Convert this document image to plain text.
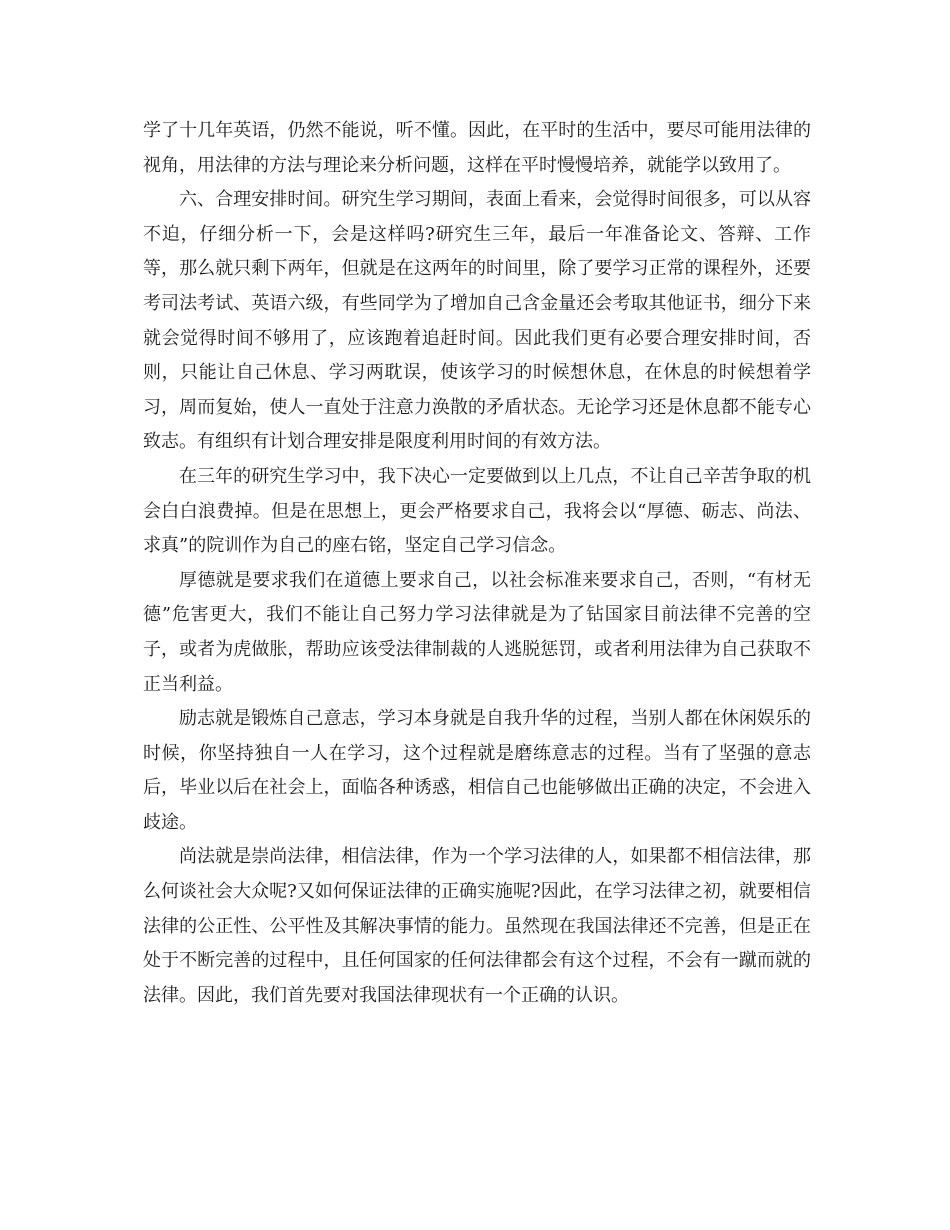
学了十几年英语，仍然不能说，听不懂。因此，在平时的生活中，要尽可能用法律的视角，用法律的方法与理论来分析问题，这样在平时慢慢培养，就能学以致用了。

六、合理安排时间。研究生学习期间，表面上看来，会觉得时间很多，可以从容不迫，仔细分析一下，会是这样吗?研究生三年，最后一年准备论文、答辩、工作等，那么就只剩下两年，但就是在这两年的时间里，除了要学习正常的课程外，还要考司法考试、英语六级，有些同学为了增加自己含金量还会考取其他证书，细分下来就会觉得时间不够用了，应该跑着追赶时间。因此我们更有必要合理安排时间，否则，只能让自己休息、学习两耽误，使该学习的时候想休息，在休息的时候想着学习，周而复始，使人一直处于注意力涣散的矛盾状态。无论学习还是休息都不能专心致志。有组织有计划合理安排是限度利用时间的有效方法。

在三年的研究生学习中，我下决心一定要做到以上几点，不让自己辛苦争取的机会白白浪费掉。但是在思想上，更会严格要求自己，我将会以“厚德、砺志、尚法、求真”的院训作为自己的座右铭，坚定自己学习信念。

厚德就是要求我们在道德上要求自己，以社会标准来要求自己，否则，“有材无德”危害更大，我们不能让自己努力学习法律就是为了钻国家目前法律不完善的空子，或者为虎做胀，帮助应该受法律制裁的人逃脱惩罚，或者利用法律为自己获取不正当利益。

励志就是锻炼自己意志，学习本身就是自我升华的过程，当别人都在休闲娱乐的时候，你坚持独自一人在学习，这个过程就是磨练意志的过程。当有了坚强的意志后，毕业以后在社会上，面临各种诱惑，相信自己也能够做出正确的决定，不会进入歧途。

尚法就是崇尚法律，相信法律，作为一个学习法律的人，如果都不相信法律，那么何谈社会大众呢?又如何保证法律的正确实施呢?因此，在学习法律之初，就要相信法律的公正性、公平性及其解决事情的能力。虽然现在我国法律还不完善，但是正在处于不断完善的过程中，且任何国家的任何法律都会有这个过程，不会有一蹴而就的法律。因此，我们首先要对我国法律现状有一个正确的认识。
